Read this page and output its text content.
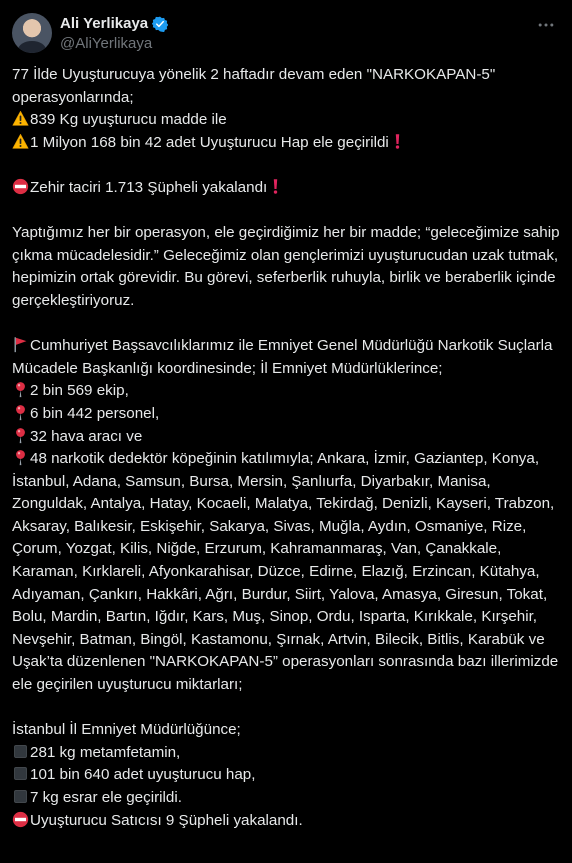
Ali Yerlikaya
@AliYerlikaya
77 İlde Uyuşturucuya yönelik 2 haftadır devam eden "NARKOKAPAN-5" operasyonlarında;
839 Kg uyuşturucu madde ile
1 Milyon 168 bin 42 adet Uyuşturucu Hap ele geçirildi

Zehir taciri 1.713 Şüpheli yakalandı

Yaptığımız her bir operasyon, ele geçirdiğimiz her bir madde; “geleceğimize sahip çıkma mücadelesidir.” Geleceğimiz olan gençlerimizi uyuşturucudan uzak tutmak, hepimizin ortak görevidir. Bu görevi, seferberlik ruhuyla, birlik ve beraberlik içinde gerçekleştiriyoruz.

Cumhuriyet Başsavcılıklarımız ile Emniyet Genel Müdürlüğü Narkotik Suçlarla Mücadele Başkanlığı koordinesinde; İl Emniyet Müdürlüklerince;
2 bin 569 ekip,
6 bin 442 personel,
32 hava aracı ve
48 narkotik dedektör köpeğinin katılımıyla; Ankara, İzmir, Gaziantep, Konya, İstanbul, Adana, Samsun, Bursa, Mersin, Şanlıurfa, Diyarbakır, Manisa, Zonguldak, Antalya, Hatay, Kocaeli, Malatya, Tekirdağ, Denizli, Kayseri, Trabzon, Aksaray, Balıkesir, Eskişehir, Sakarya, Sivas, Muğla, Aydın, Osmaniye, Rize, Çorum, Yozgat, Kilis, Niğde, Erzurum, Kahramanmaraş, Van, Çanakkale, Karaman, Kırklareli, Afyonkarahisar, Düzce, Edirne, Elazığ, Erzincan, Kütahya, Adıyaman, Çankırı, Hakkâri, Ağrı, Burdur, Siirt, Yalova, Amasya, Giresun, Tokat, Bolu, Mardin, Bartın, Iğdır, Kars, Muş, Sinop, Ordu, Isparta, Kırıkkale, Kırşehir, Nevşehir, Batman, Bingöl, Kastamonu, Şırnak, Artvin, Bilecik, Bitlis, Karabük ve Uşak’ta düzenlenen "NARKOKAPAN-5” operasyonları sonrasında bazı illerimizde ele geçirilen uyuşturucu miktarları;

İstanbul İl Emniyet Müdürlüğünce;
281 kg metamfetamin,
101 bin 640 adet uyuşturucu hap,
7 kg esrar ele geçirildi.
Uyuşturucu Satıcısı 9 Şüpheli yakalandı.
